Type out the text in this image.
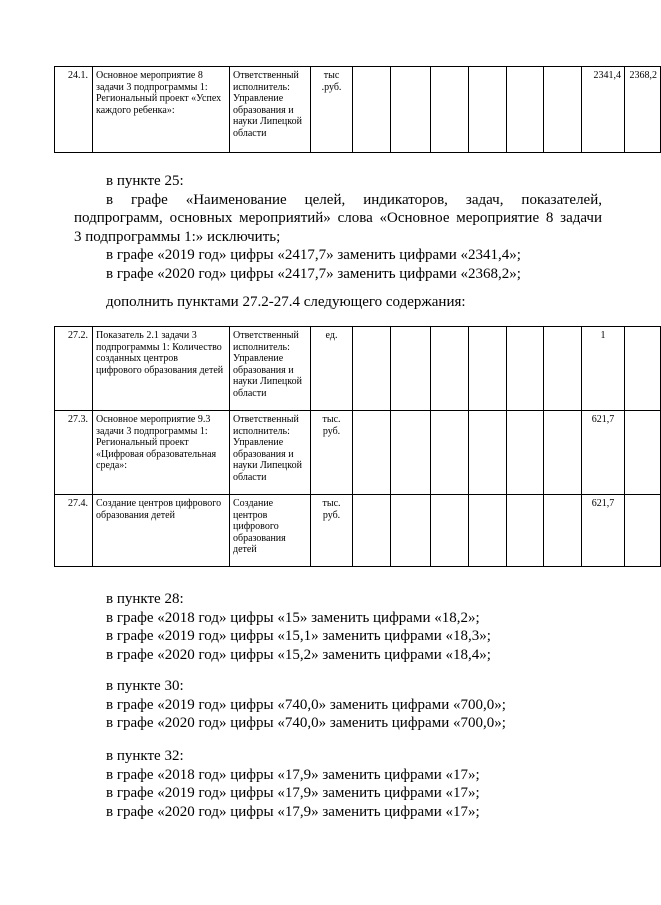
24.1.	Основное мероприятие 8 задачи 3 подпрограммы 1: Региональный проект «Успех каждого ребенка»:	Ответственный исполнитель: Управление образования и науки Липецкой области	тыс .руб.							2341,4	2368,2
в пункте 25:
в графе «Наименование целей, индикаторов, задач, показателей,
подпрограмм, основных мероприятий» слова «Основное мероприятие 8 задачи
3 подпрограммы 1:» исключить;
в графе «2019 год» цифры «2417,7» заменить цифрами «2341,4»;
в графе «2020 год» цифры «2417,7» заменить цифрами «2368,2»;
дополнить пунктами 27.2-27.4 следующего содержания:
27.2.	Показатель 2.1 задачи 3 подпрограммы 1: Количество созданных центров цифрового образования детей	Ответственный исполнитель: Управление образования и науки Липецкой области	ед.							1	
27.3.	Основное мероприятие 9.3 задачи 3 подпрограммы 1: Региональный проект «Цифровая образовательная среда»:	Ответственный исполнитель: Управление образования и науки Липецкой области	тыс. руб.							621,7	
27.4.	Создание центров цифрового образования детей	Создание центров цифрового образования детей	тыс. руб.							621,7	
в пункте 28:
в графе «2018 год» цифры «15» заменить цифрами «18,2»;
в графе «2019 год» цифры «15,1» заменить цифрами «18,3»;
в графе «2020 год» цифры «15,2» заменить цифрами «18,4»;
в пункте 30:
в графе «2019 год» цифры «740,0» заменить цифрами «700,0»;
в графе «2020 год» цифры «740,0» заменить цифрами «700,0»;
в пункте 32:
в графе «2018 год» цифры «17,9» заменить цифрами «17»;
в графе «2019 год» цифры «17,9» заменить цифрами «17»;
в графе «2020 год» цифры «17,9» заменить цифрами «17»;
